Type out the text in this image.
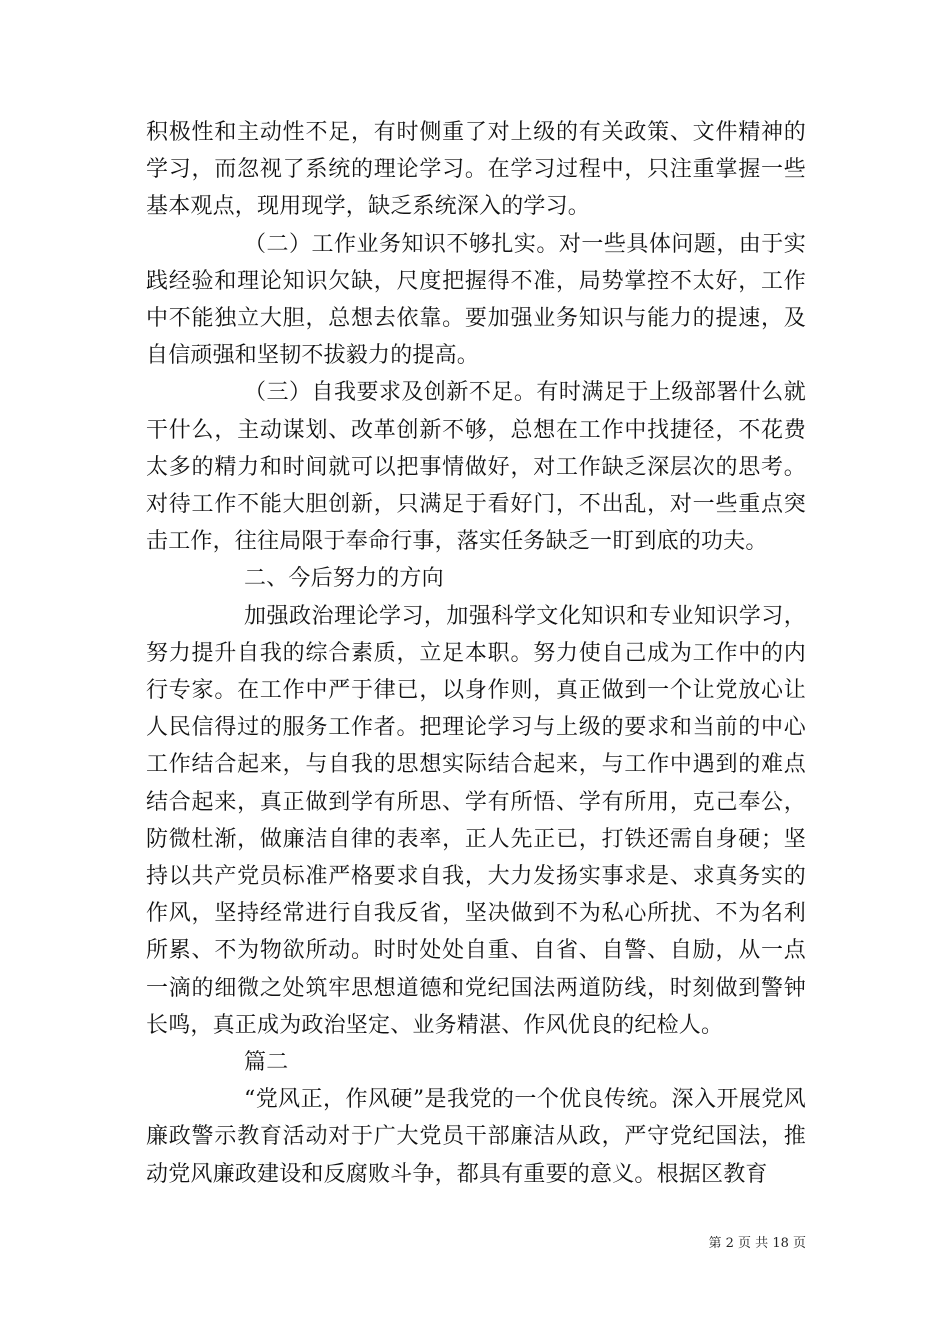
积极性和主动性不足，有时侧重了对上级的有关政策、文件精神的学习，而忽视了系统的理论学习。在学习过程中，只注重掌握一些基本观点，现用现学，缺乏系统深入的学习。

（二）工作业务知识不够扎实。对一些具体问题，由于实践经验和理论知识欠缺，尺度把握得不准，局势掌控不太好，工作中不能独立大胆，总想去依靠。要加强业务知识与能力的提速，及自信顽强和坚韧不拔毅力的提高。

（三）自我要求及创新不足。有时满足于上级部署什么就干什么，主动谋划、改革创新不够，总想在工作中找捷径，不花费太多的精力和时间就可以把事情做好，对工作缺乏深层次的思考。对待工作不能大胆创新，只满足于看好门，不出乱，对一些重点突击工作，往往局限于奉命行事，落实任务缺乏一盯到底的功夫。

二、今后努力的方向

加强政治理论学习，加强科学文化知识和专业知识学习，努力提升自我的综合素质，立足本职。努力使自己成为工作中的内行专家。在工作中严于律已，以身作则，真正做到一个让党放心让人民信得过的服务工作者。把理论学习与上级的要求和当前的中心工作结合起来，与自我的思想实际结合起来，与工作中遇到的难点结合起来，真正做到学有所思、学有所悟、学有所用，克己奉公，防微杜渐，做廉洁自律的表率，正人先正已，打铁还需自身硬；坚持以共产党员标准严格要求自我，大力发扬实事求是、求真务实的作风，坚持经常进行自我反省，坚决做到不为私心所扰、不为名利所累、不为物欲所动。时时处处自重、自省、自警、自励，从一点一滴的细微之处筑牢思想道德和党纪国法两道防线，时刻做到警钟长鸣，真正成为政治坚定、业务精湛、作风优良的纪检人。

篇二

“党风正，作风硬”是我党的一个优良传统。深入开展党风廉政警示教育活动对于广大党员干部廉洁从政，严守党纪国法，推动党风廉政建设和反腐败斗争，都具有重要的意义。根据区教育

第 2 页 共 18 页
